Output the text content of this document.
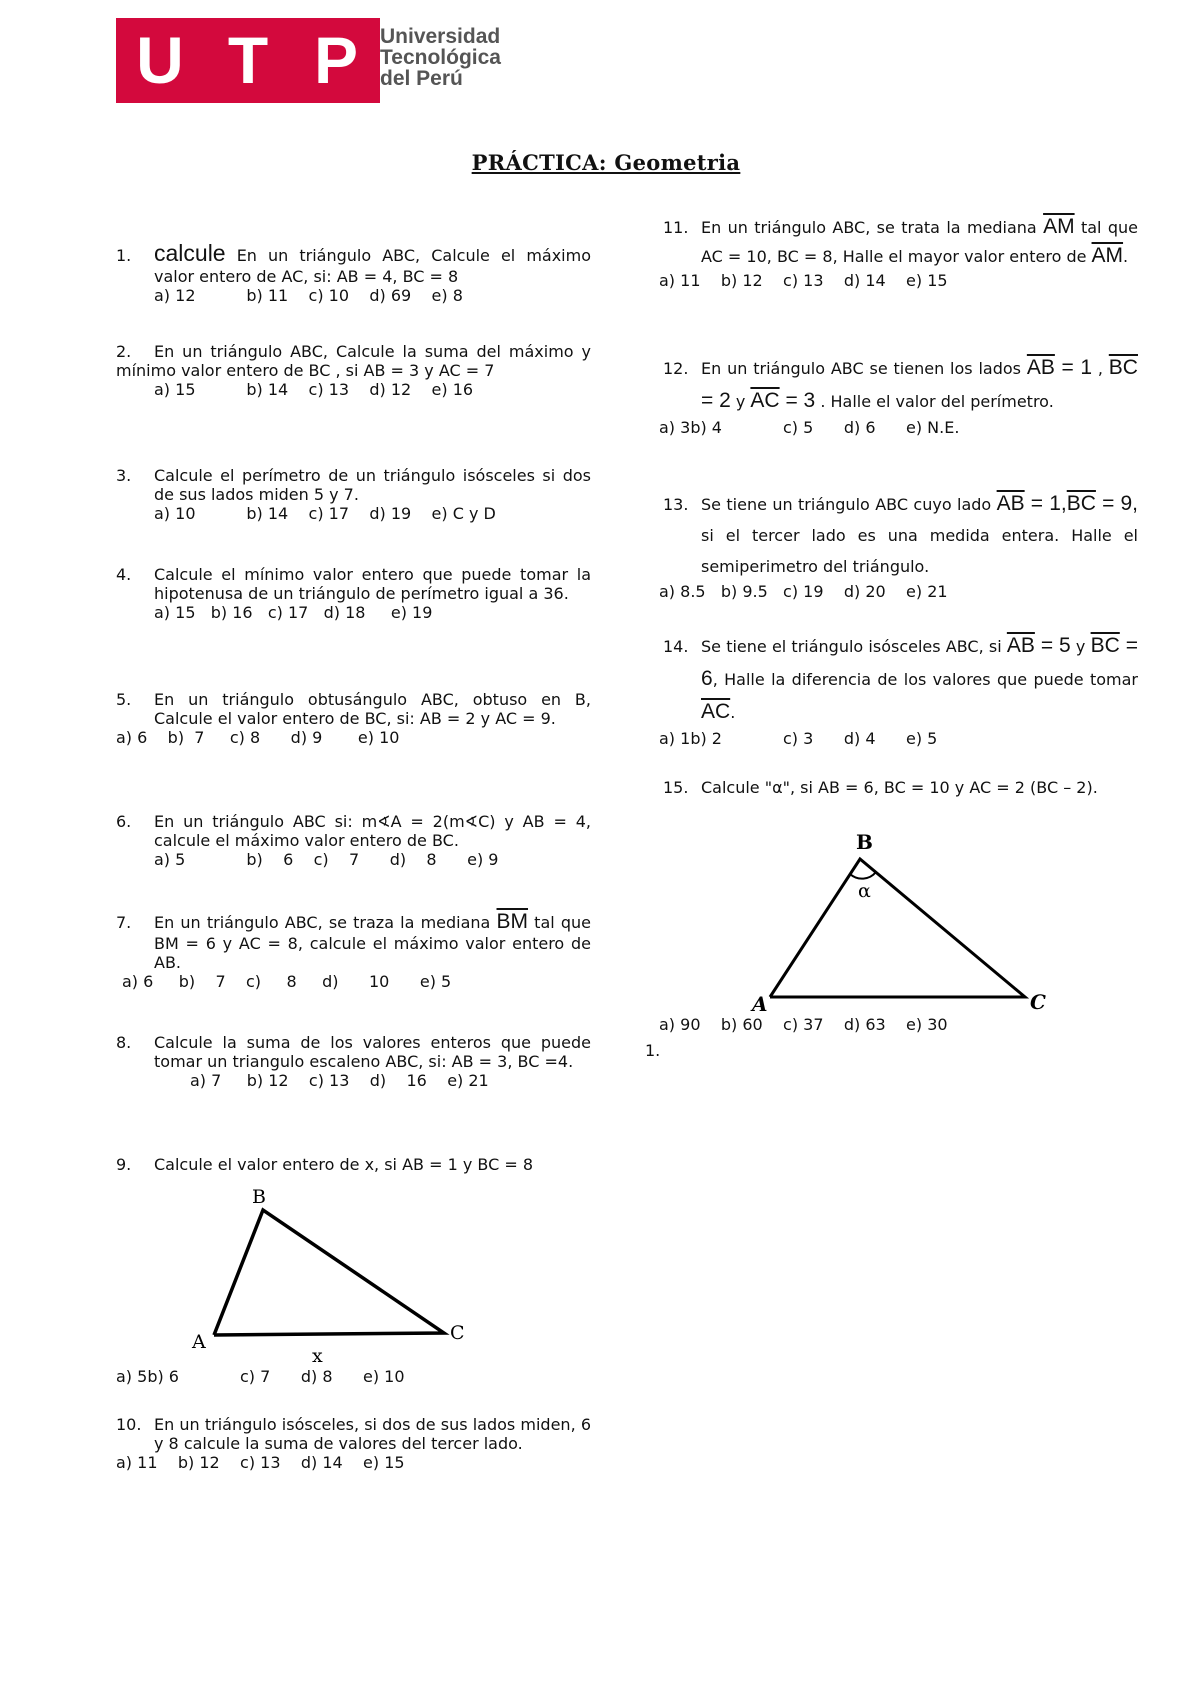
U T P	Universidad
Tecnológica
del Perú
PRÁCTICA: Geometria
1. calcule En un triángulo ABC, Calcule el máximo valor entero de AC, si: AB = 4, BC = 8
a) 12          b) 11    c) 10    d) 69    e) 8
2. En un triángulo ABC, Calcule la suma del máximo y mínimo valor entero de BC , si AB = 3 y AC = 7
a) 15          b) 14    c) 13    d) 12    e) 16
3. Calcule el perímetro de un triángulo isósceles si dos de sus lados miden 5 y 7.
a) 10          b) 14    c) 17    d) 19    e) C y D
4. Calcule el mínimo valor entero que puede tomar la hipotenusa de un triángulo de perímetro igual a 36.
a) 15   b) 16   c) 17   d) 18     e) 19
5. En un triángulo obtusángulo ABC, obtuso en B, Calcule el valor entero de BC, si: AB = 2 y AC = 9.
a) 6    b)  7     c) 8      d) 9       e) 10
6. En un triángulo ABC si: m∢A = 2(m∢C) y AB = 4, calcule el máximo valor entero de BC.
a) 5            b)    6    c)    7      d)    8      e) 9
7. En un triángulo ABC, se traza la mediana $\overline{BM}$ tal que BM = 6 y AC = 8, calcule el máximo valor entero de AB.
a) 6     b)    7    c)     8     d)      10      e) 5
8. Calcule la suma de los valores enteros que puede tomar un triangulo escaleno ABC, si: AB = 3, BC =4.
a) 7     b) 12    c) 13    d)    16    e) 21
9. Calcule el valor entero de x, si AB = 1 y BC = 8
B
A	C
x
a) 5b) 6            c) 7      d) 8      e) 10
10. En un triángulo isósceles, si dos de sus lados miden, 6 y 8 calcule la suma de valores del tercer lado.
a) 11    b) 12    c) 13    d) 14    e) 15
11. En un triángulo ABC, se trata la mediana $\overline{AM}$ tal que AC = 10, BC = 8, Halle el mayor valor entero de $\overline{AM}$.
a) 11    b) 12    c) 13    d) 14    e) 15
12. En un triángulo ABC se tienen los lados $\overline{AB} = 1$ , $\overline{BC} = 2$ y $\overline{AC} = 3$ . Halle el valor del perímetro.
a) 3b) 4            c) 5      d) 6      e) N.E.
13. Se tiene un triángulo ABC cuyo lado $\overline{AB} = 1,\overline{BC} = 9$, si el tercer lado es una medida entera. Halle el semiperimetro del triángulo.
a) 8.5   b) 9.5   c) 19    d) 20    e) 21
14. Se tiene el triángulo isósceles ABC, si $\overline{AB} = 5$ y $\overline{BC} = 6$, Halle la diferencia de los valores que puede tomar $\overline{AC}$.
a) 1b) 2            c) 3      d) 4      e) 5
15. Calcule "α", si AB = 6, BC = 10 y AC = 2 (BC – 2).
B
α
A	C
a) 90    b) 60    c) 37    d) 63    e) 30
1.
